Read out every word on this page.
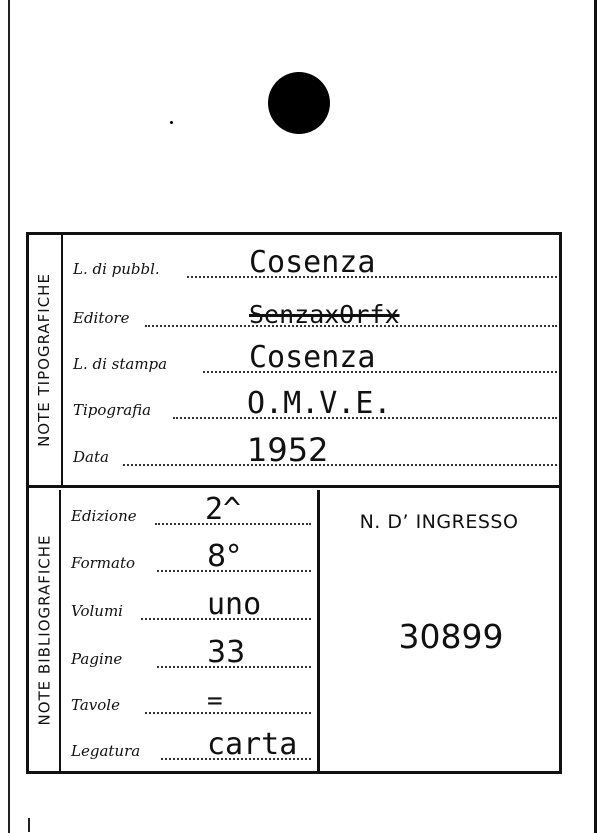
NOTE TIPOGRAFICHE
L. di pubbl.	Cosenza
Editore	SenzaxOrfx
L. di stampa	Cosenza
Tipografia	O.M.V.E.
Data	1952
NOTE BIBLIOGRAFICHE
Edizione 2^
Formato 8°
Volumi	uno
Pagine	33
Tavole	=
Legatura carta
N. D’ INGRESSO
30899
